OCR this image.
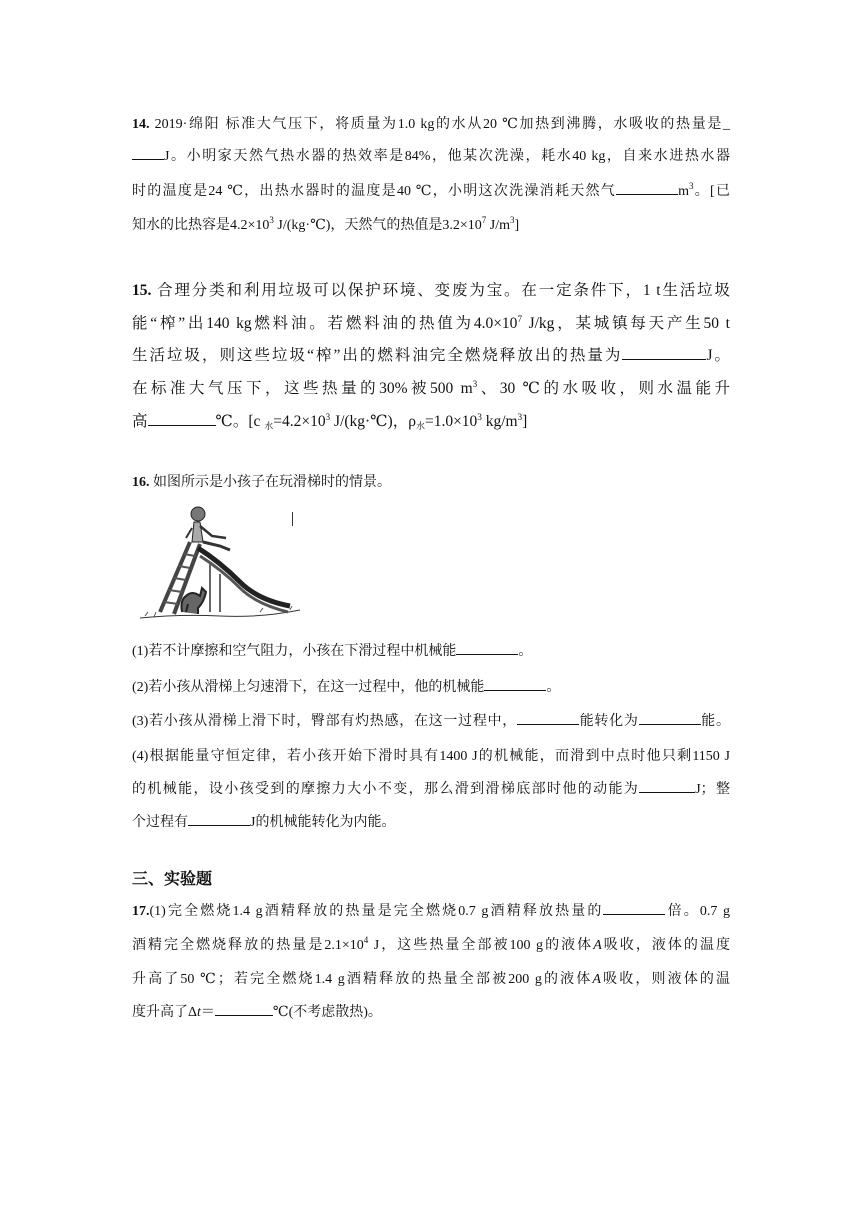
14. 2019·绵阳 标准大气压下，将质量为1.0 kg的水从20 ℃加热到沸腾，水吸收的热量是_
J。小明家天然气热水器的热效率是84%，他某次洗澡，耗水40 kg，自来水进热水器
时的温度是24 ℃，出热水器时的温度是40 ℃，小明这次洗澡消耗天然气	$m^3$。[已
知水的比热容是$4.2\times 10^3$ J/(kg·℃)，天然气的热值是$3.2\times 10^7$ $J/m^3$]
15. 合理分类和利用垃圾可以保护环境、变废为宝。在一定条件下，1 t生活垃圾
能“榨”出140 kg燃料油。若燃料油的热值为$4.0\times 10^7$ J/kg，某城镇每天产生50 t
生活垃圾，则这些垃圾“榨”出的燃料油完全燃烧释放出的热量为	J。
在标准大气压下，这些热量的30%被500 $m^3$、30 ℃的水吸收，则水温能升
高	℃。[c $_水=4.2\times 10^3$ J/(kg·℃)，$\rho_水=1.0\times 10^3$ $kg/m^3$]
16. 如图所示是小孩子在玩滑梯时的情景。
(1)若不计摩擦和空气阻力，小孩在下滑过程中机械能	。
(2)若小孩从滑梯上匀速滑下，在这一过程中，他的机械能	。
(3)若小孩从滑梯上滑下时，臀部有灼热感，在这一过程中，	能转化为	能。
(4)根据能量守恒定律，若小孩开始下滑时具有1400 J的机械能，而滑到中点时他只剩1150 J
的机械能，设小孩受到的摩擦力大小不变，那么滑到滑梯底部时他的动能为	J；整
个过程有	J的机械能转化为内能。
三、实验题
17.(1)完全燃烧1.4 g酒精释放的热量是完全燃烧0.7 g酒精释放热量的	倍。0.7 g
酒精完全燃烧释放的热量是$2.1\times 10^4$ J，这些热量全部被100 g的液体A吸收，液体的温度
升高了50 ℃；若完全燃烧1.4 g酒精释放的热量全部被200 g的液体A吸收，则液体的温
度升高了Δt＝	℃(不考虑散热)。
